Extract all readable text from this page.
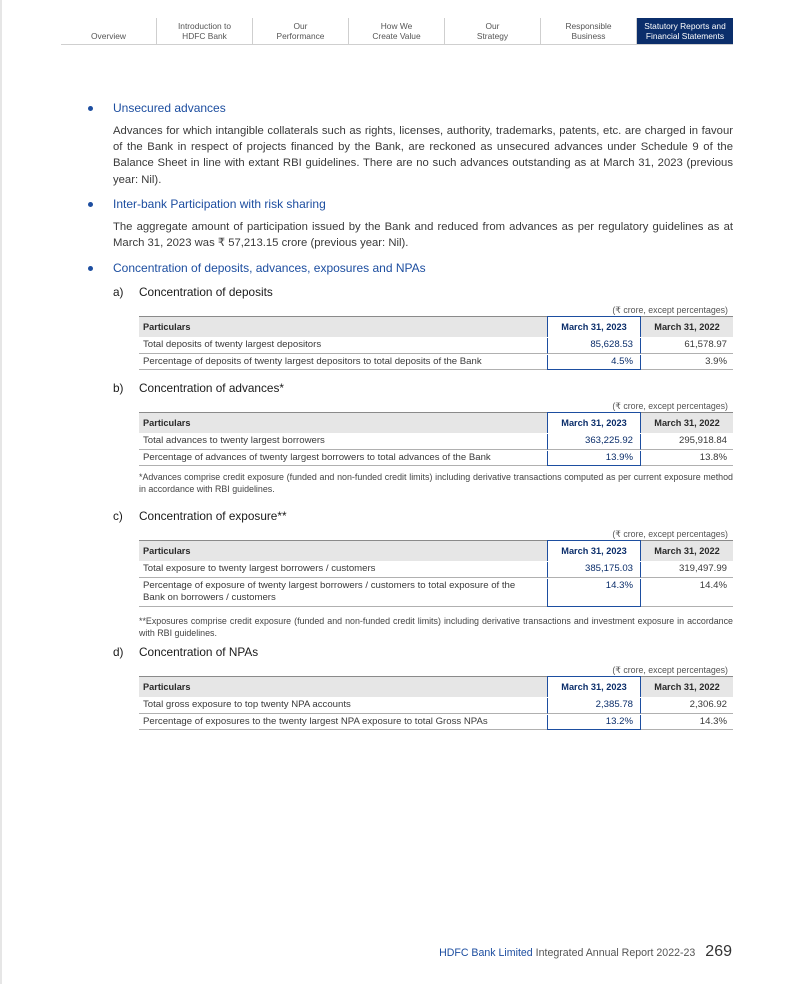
Overview
Introduction to
HDFC Bank
Our
Performance
How We
Create Value
Our
Strategy
Responsible
Business
Statutory Reports and
Financial Statements
Unsecured advances
Advances for which intangible collaterals such as rights, licenses, authority, trademarks, patents, etc. are charged in favour of the Bank in respect of projects financed by the Bank, are reckoned as unsecured advances under Schedule 9 of the Balance Sheet in line with extant RBI guidelines. There are no such advances outstanding as at March 31, 2023 (previous year: Nil).
Inter-bank Participation with risk sharing
The aggregate amount of participation issued by the Bank and reduced from advances as per regulatory guidelines as at March 31, 2023 was ₹ 57,213.15 crore (previous year: Nil).
Concentration of deposits, advances, exposures and NPAs
a)	Concentration of deposits
(₹ crore, except percentages)
Particulars	March 31, 2023	March 31, 2022
Total deposits of twenty largest depositors	85,628.53	61,578.97
Percentage of deposits of twenty largest depositors to total deposits of the Bank	4.5%	3.9%
b)	Concentration of advances*
(₹ crore, except percentages)
Particulars	March 31, 2023	March 31, 2022
Total advances to twenty largest borrowers	363,225.92	295,918.84
Percentage of advances of twenty largest borrowers to total advances of the Bank	13.9%	13.8%
*Advances comprise credit exposure (funded and non-funded credit limits) including derivative transactions computed as per current exposure method in accordance with RBI guidelines.
c)	Concentration of exposure**
(₹ crore, except percentages)
Particulars	March 31, 2023	March 31, 2022
Total exposure to twenty largest borrowers / customers	385,175.03	319,497.99
Percentage of exposure of twenty largest borrowers / customers to total exposure of the Bank on borrowers / customers
14.3%	14.4%
**Exposures comprise credit exposure (funded and non-funded credit limits) including derivative transactions and investment exposure in accordance with RBI guidelines.
d)	Concentration of NPAs
(₹ crore, except percentages)
Particulars	March 31, 2023	March 31, 2022
Total gross exposure to top twenty NPA accounts	2,385.78	2,306.92
Percentage of exposures to the twenty largest NPA exposure to total Gross NPAs	13.2%	14.3%
HDFC Bank Limited Integrated Annual Report 2022-23 269
